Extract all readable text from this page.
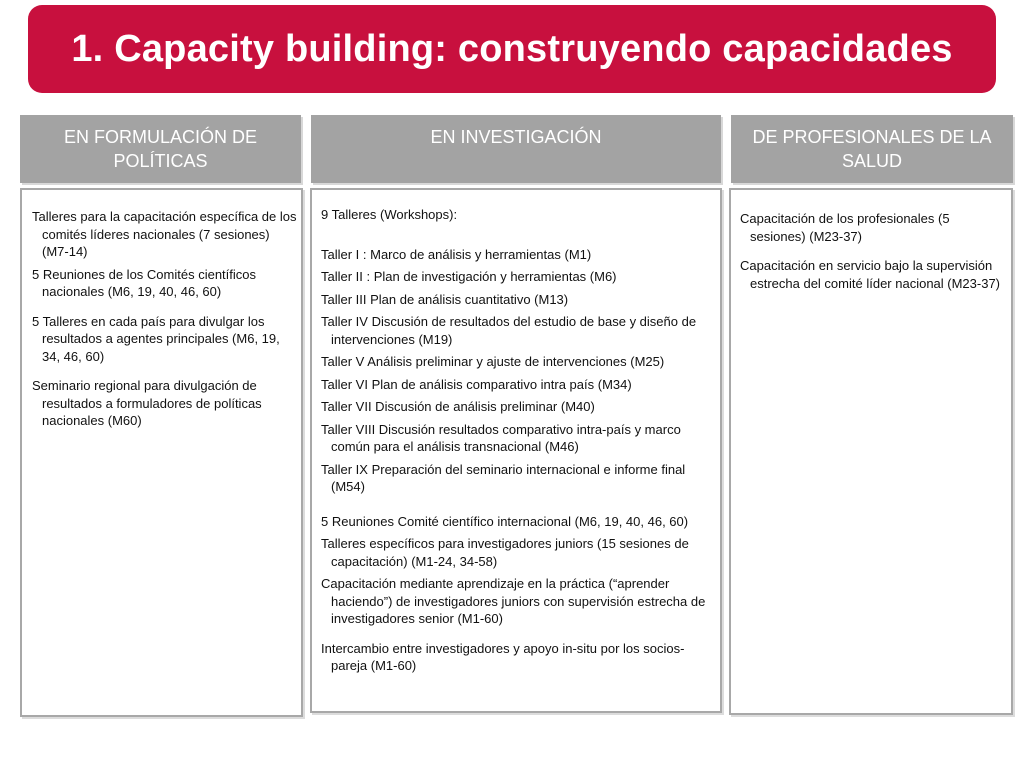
1. Capacity building: construyendo capacidades
EN FORMULACIÓN DE POLÍTICAS
EN INVESTIGACIÓN	DE PROFESIONALES DE LA SALUD

Talleres para la capacitación específica de los comités líderes nacionales (7 sesiones) (M7-14)

5 Reuniones de los Comités científicos nacionales (M6, 19, 40, 46, 60)

5 Talleres en cada país para divulgar los resultados a agentes principales (M6, 19, 34, 46, 60)

Seminario regional para divulgación de resultados a formuladores de políticas nacionales (M60)

9 Talleres (Workshops):

Taller I : Marco de análisis y herramientas (M1)

Taller II : Plan de investigación y herramientas (M6)

Taller III Plan de análisis cuantitativo (M13)

Taller IV Discusión de resultados del estudio de base y diseño de intervenciones (M19)

Taller V Análisis preliminar y ajuste de intervenciones (M25)

Taller VI Plan de análisis comparativo intra país (M34)

Taller VII Discusión de análisis preliminar (M40)

Taller VIII Discusión resultados comparativo intra-país y marco común para el análisis transnacional (M46)

Taller IX Preparación del seminario internacional e informe final (M54)

5 Reuniones Comité científico internacional (M6, 19, 40, 46, 60)

Talleres específicos para investigadores juniors (15 sesiones de capacitación) (M1-24, 34-58)

Capacitación mediante aprendizaje en la práctica (“aprender haciendo”) de investigadores juniors con supervisión estrecha de investigadores senior (M1-60)

Intercambio entre investigadores y apoyo in-situ por los socios-pareja (M1-60)

Capacitación de los profesionales (5 sesiones) (M23-37)

Capacitación en servicio bajo la supervisión estrecha del comité líder nacional (M23-37)
